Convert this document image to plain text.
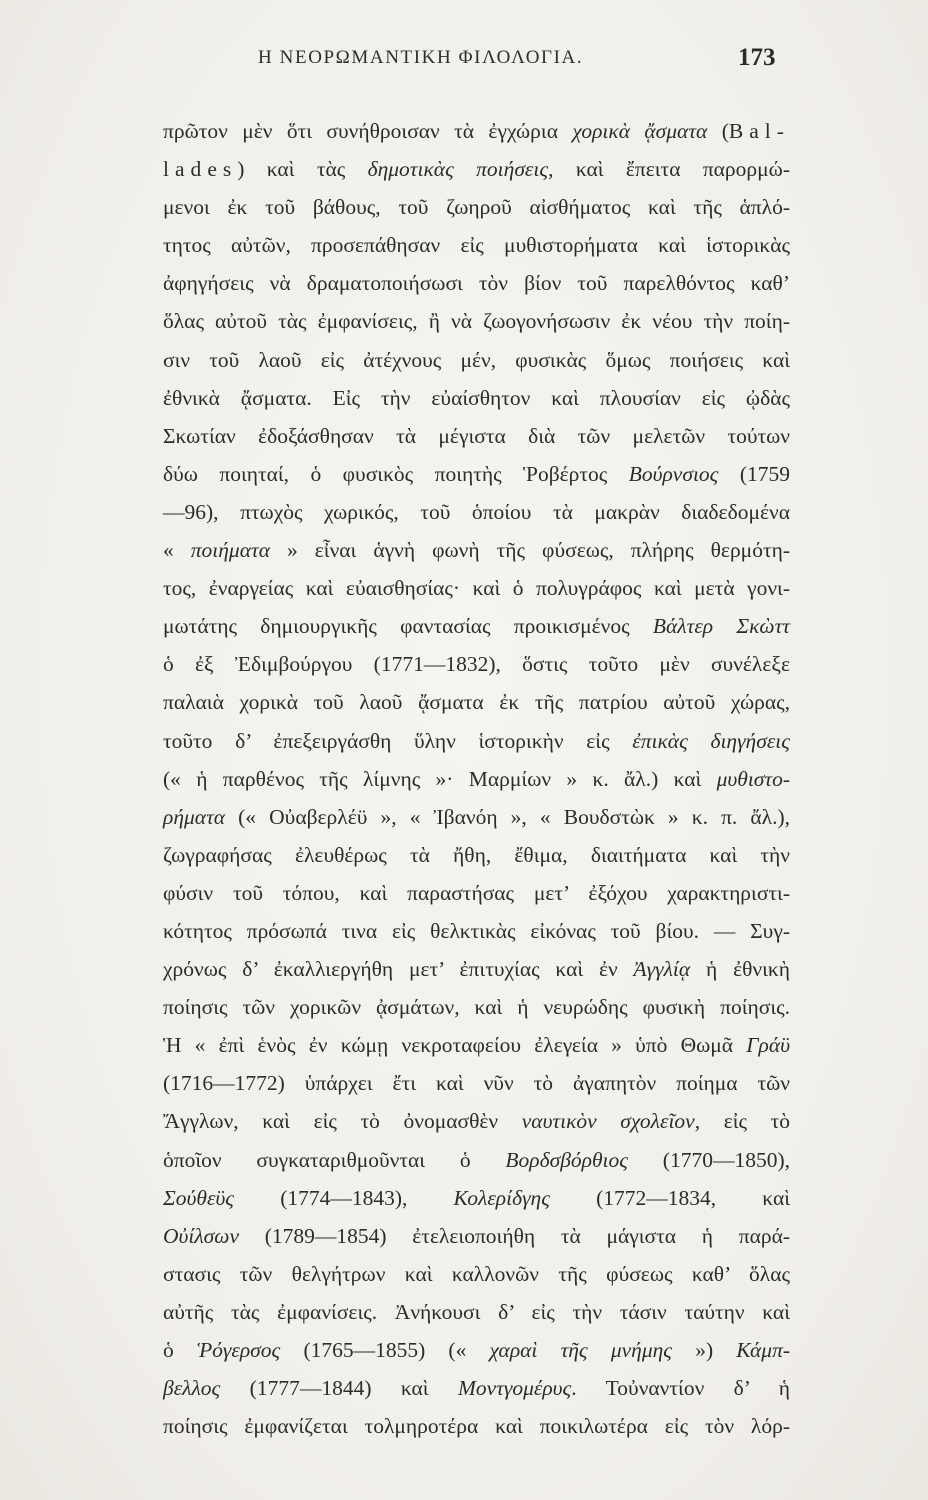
Η ΝΕΟΡΩΜΑΝΤΙΚΗ ΦΙΛΟΛΟΓΙΑ.	173
πρῶτον μὲν ὅτι συνήθροισαν τὰ ἐγχώρια χορικὰ ᾄσματα (Bal-
lades) καὶ τὰς δημοτικὰς ποιήσεις, καὶ ἔπειτα παρορμώ-
μενοι ἐκ τοῦ βάθους, τοῦ ζωηροῦ αἰσθήματος καὶ τῆς ἁπλό-
τητος αὐτῶν, προσεπάθησαν εἰς μυθιστορήματα καὶ ἱστορικὰς
ἀφηγήσεις νὰ δραματοποιήσωσι τὸν βίον τοῦ παρελθόντος καθ’
ὅλας αὐτοῦ τὰς ἐμφανίσεις, ἢ νὰ ζωογονήσωσιν ἐκ νέου τὴν ποίη-
σιν τοῦ λαοῦ εἰς ἀτέχνους μέν, φυσικὰς ὅμως ποιήσεις καὶ
ἐθνικὰ ᾄσματα. Εἰς τὴν εὐαίσθητον καὶ πλουσίαν εἰς ᾠδὰς
Σκωτίαν ἐδοξάσθησαν τὰ μέγιστα διὰ τῶν μελετῶν τούτων
δύω ποιηταί, ὁ φυσικὸς ποιητὴς Ῥοβέρτος Βούρνσιος (1759
—96), πτωχὸς χωρικός, τοῦ ὁποίου τὰ μακρὰν διαδεδομένα
« ποιήματα » εἶναι ἁγνὴ φωνὴ τῆς φύσεως, πλήρης θερμότη-
τος, ἐναργείας καὶ εὐαισθησίας· καὶ ὁ πολυγράφος καὶ μετὰ γονι-
μωτάτης δημιουργικῆς φαντασίας προικισμένος Βάλτερ Σκὼττ
ὁ ἐξ Ἐδιμβούργου (1771—1832), ὅστις τοῦτο μὲν συνέλεξε
παλαιὰ χορικὰ τοῦ λαοῦ ᾄσματα ἐκ τῆς πατρίου αὐτοῦ χώρας,
τοῦτο δ’ ἐπεξειργάσθη ὕλην ἱστορικὴν εἰς ἐπικὰς διηγήσεις
(« ἡ παρθένος τῆς λίμνης »· Μαρμίων » κ. ἄλ.) καὶ μυθιστο-
ρήματα (« Οὐαβερλέϋ », « Ἰβανόη », « Βουδστὼκ » κ. π. ἄλ.),
ζωγραφήσας ἐλευθέρως τὰ ἤθη, ἔθιμα, διαιτήματα καὶ τὴν
φύσιν τοῦ τόπου, καὶ παραστήσας μετ’ ἐξόχου χαρακτηριστι-
κότητος πρόσωπά τινα εἰς θελκτικὰς εἰκόνας τοῦ βίου. — Συγ-
χρόνως δ’ ἐκαλλιεργήθη μετ’ ἐπιτυχίας καὶ ἐν Ἀγγλίᾳ ἡ ἐθνικὴ
ποίησις τῶν χορικῶν ᾀσμάτων, καὶ ἡ νευρώδης φυσικὴ ποίησις.
Ἡ « ἐπὶ ἑνὸς ἐν κώμῃ νεκροταφείου ἐλεγεία » ὑπὸ Θωμᾶ Γράϋ
(1716—1772) ὑπάρχει ἔτι καὶ νῦν τὸ ἀγαπητὸν ποίημα τῶν
Ἄγγλων, καὶ εἰς τὸ ὀνομασθὲν ναυτικὸν σχολεῖον, εἰς τὸ
ὁποῖον συγκαταριθμοῦνται ὁ Βορδσβόρθιος (1770—1850),
Σούθεϋς (1774—1843), Κολερίδγης (1772—1834, καὶ
Οὐίλσων (1789—1854) ἐτελειοποιήθη τὰ μάγιστα ἡ παρά-
στασις τῶν θελγήτρων καὶ καλλονῶν τῆς φύσεως καθ’ ὅλας
αὐτῆς τὰς ἐμφανίσεις. Ἀνήκουσι δ’ εἰς τὴν τάσιν ταύτην καὶ
ὁ Ῥόγερσος (1765—1855) (« χαραὶ τῆς μνήμης ») Κάμπ-
βελλος (1777—1844) καὶ Μοντγομέρυς. Τοὐναντίον δ’ ἡ
ποίησις ἐμφανίζεται τολμηροτέρα καὶ ποικιλωτέρα εἰς τὸν λόρ-
